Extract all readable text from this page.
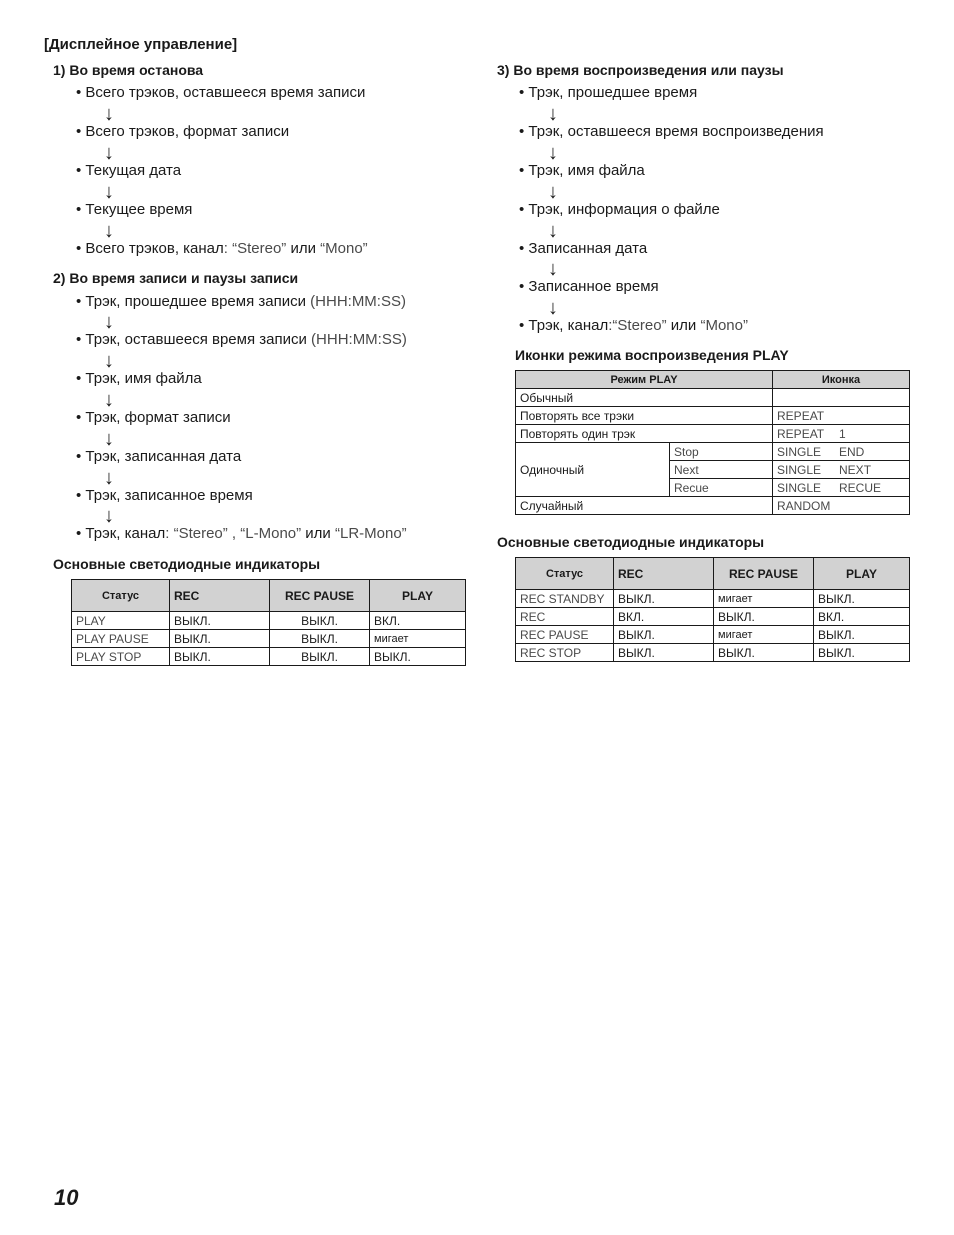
[Дисплейное управление]
1) Во время останова
• Всего трэков, оставшееся время записи
↓
• Всего трэков, формат записи
↓
• Текущая дата
↓
• Текущее время
↓
• Всего трэков, канал: “Stereo” или “Mono”
2) Во время записи и паузы записи
• Трэк, прошедшее время записи (HHH:MM:SS)
↓
• Трэк, оставшееся время записи (HHH:MM:SS)
↓
• Трэк, имя файла
↓
• Трэк, формат записи
↓
• Трэк, записанная дата
↓
• Трэк, записанное время
↓
• Трэк, канал: “Stereo” , “L-Mono” или “LR-Mono”
Основные светодиодные индикаторы
Статус	REC	REC PAUSE	PLAY
PLAY	ВЫКЛ.	ВЫКЛ.	ВКЛ.
PLAY PAUSE	ВЫКЛ.	ВЫКЛ.	мигает
PLAY STOP	ВЫКЛ.	ВЫКЛ.	ВЫКЛ.
3) Во время воспроизведения или паузы
• Трэк, прошедшее время
↓
• Трэк, оставшееся время воспроизведения
↓
• Трэк, имя файла
↓
• Трэк, информация о файле
↓
• Записанная дата
↓
• Записанное время
↓
• Трэк, канал:“Stereo” или “Mono”
Иконки режима воспроизведения PLAY
Режим PLAY		Иконка
Обычный		
Повторять все трэки		REPEAT
Повторять один трэк		REPEAT 1
Одиночный	Stop	SINGLE END
	Next	SINGLE NEXT
	Recue	SINGLE RECUE
Случайный		RANDOM
Основные светодиодные индикаторы
Статус	REC	REC PAUSE	PLAY
REC STANDBY	ВЫКЛ.	мигает	ВЫКЛ.
REC	ВКЛ.	ВЫКЛ.	ВКЛ.
REC PAUSE	ВЫКЛ.	мигает	ВЫКЛ.
REC STOP	ВЫКЛ.	ВЫКЛ.	ВЫКЛ.
10
